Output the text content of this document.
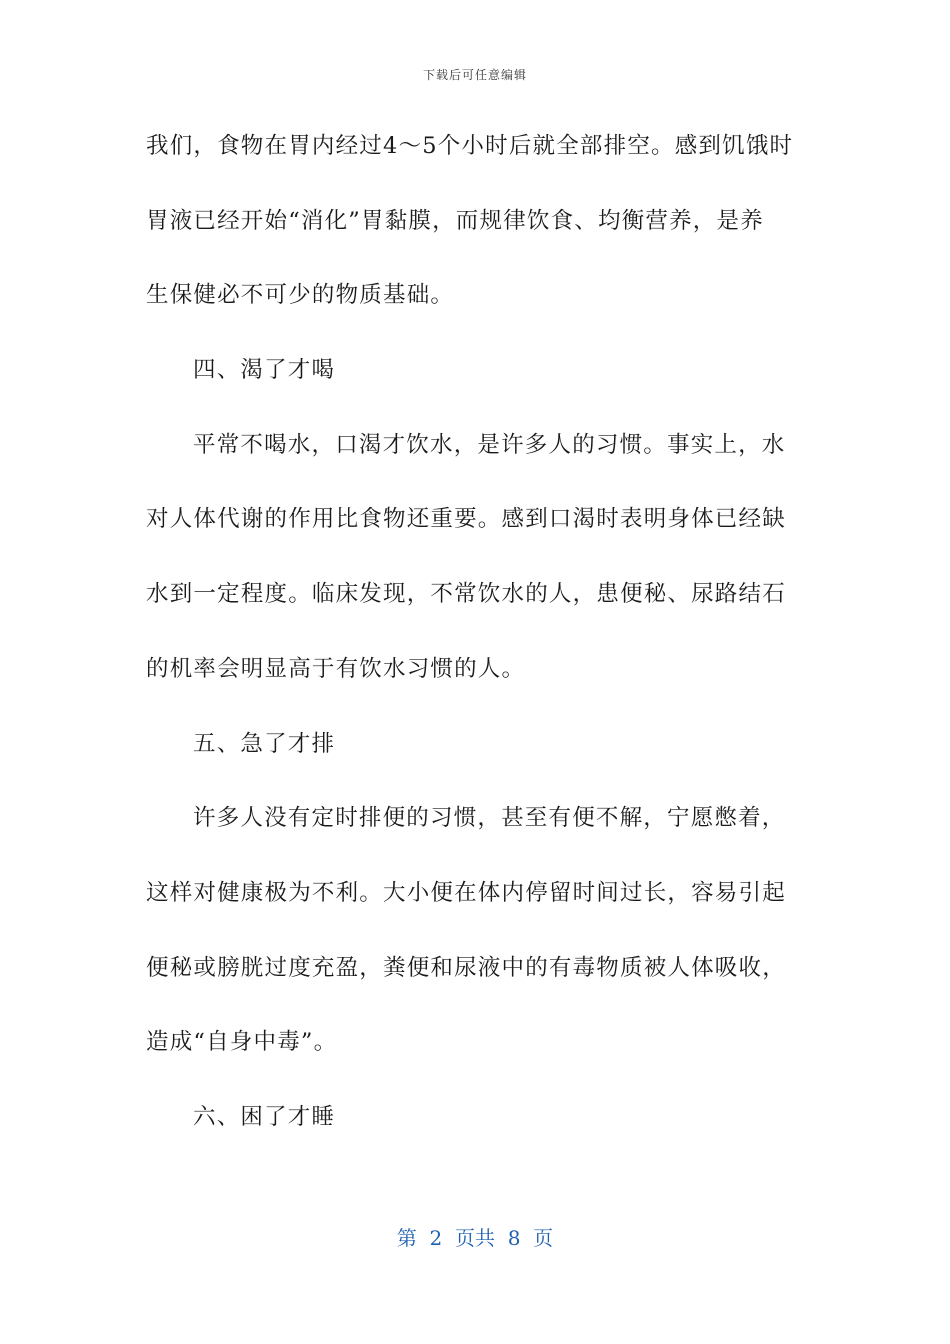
下载后可任意编辑
我们，食物在胃内经过4～5个小时后就全部排空。感到饥饿时
胃液已经开始“消化”胃黏膜，而规律饮食、均衡营养，是养
生保健必不可少的物质基础。
四、渴了才喝
平常不喝水，口渴才饮水，是许多人的习惯。事实上，水
对人体代谢的作用比食物还重要。感到口渴时表明身体已经缺
水到一定程度。临床发现，不常饮水的人，患便秘、尿路结石
的机率会明显高于有饮水习惯的人。
五、急了才排
许多人没有定时排便的习惯，甚至有便不解，宁愿憋着，
这样对健康极为不利。大小便在体内停留时间过长，容易引起
便秘或膀胱过度充盈，粪便和尿液中的有毒物质被人体吸收，
造成“自身中毒”。
六、困了才睡
第  2  页共  8  页
